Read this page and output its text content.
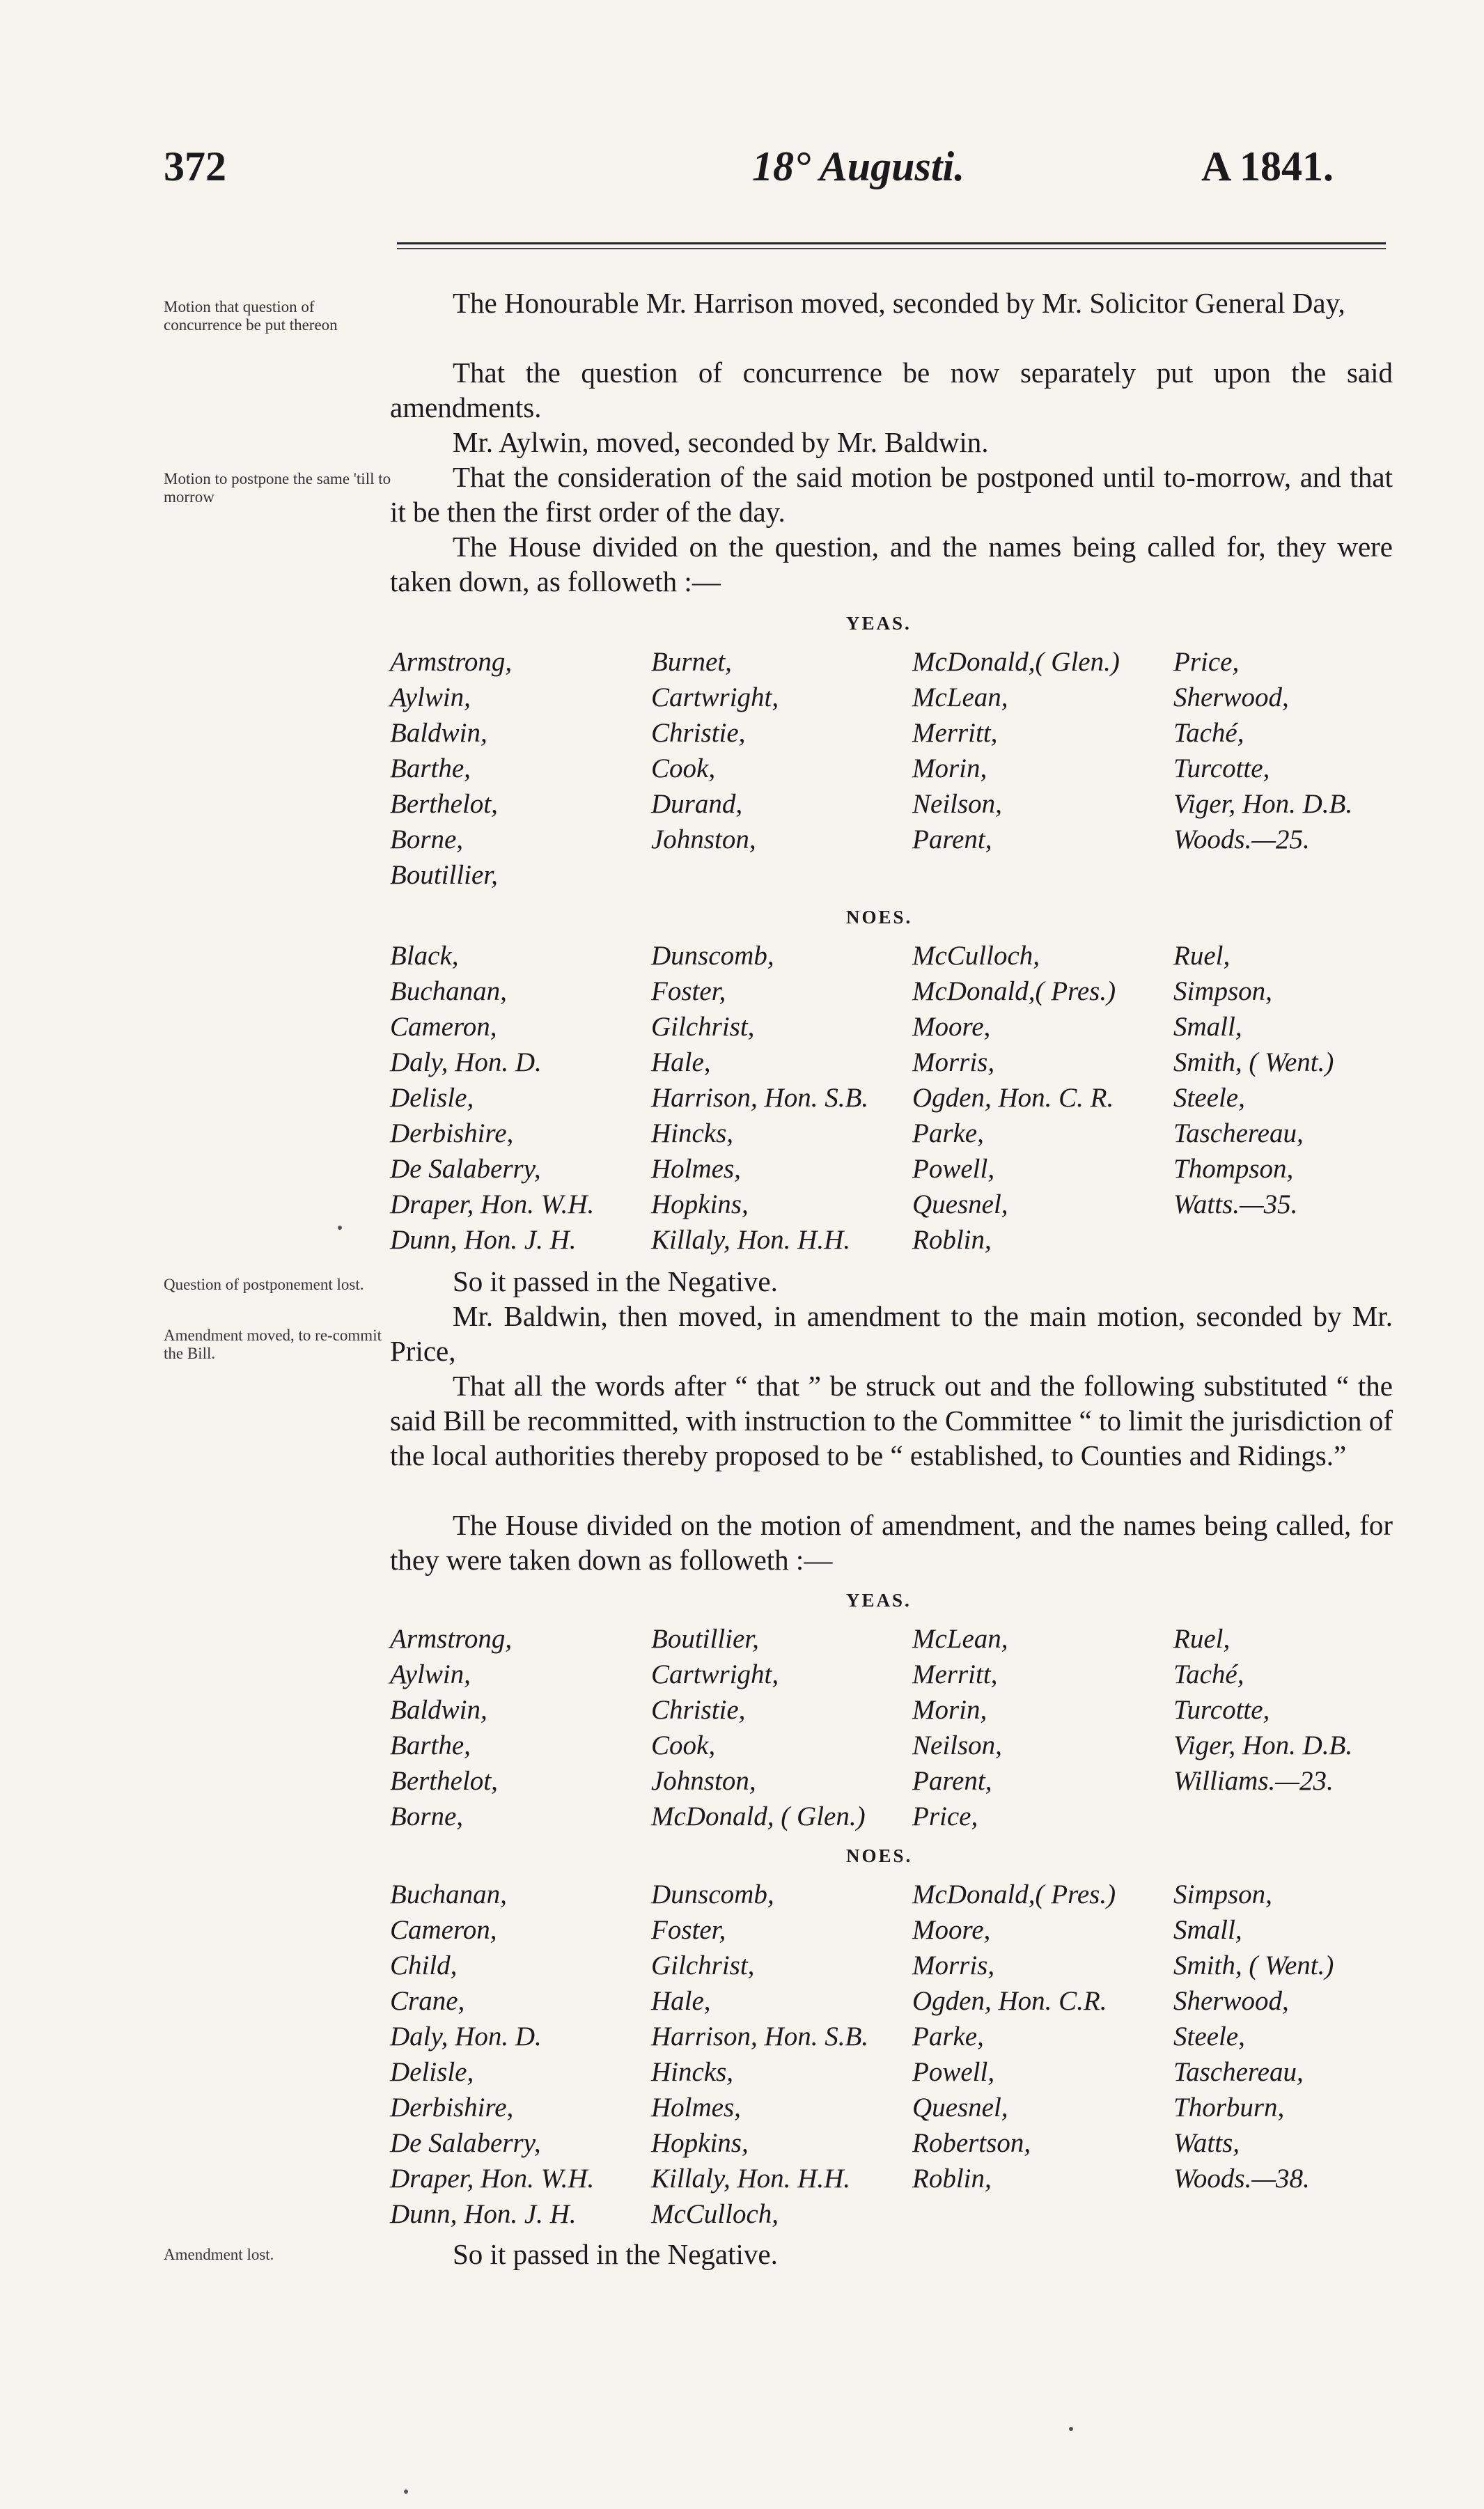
372	18° Augusti.	A 1841.
Motion that question of concurrence be put thereon
Motion to postpone the same 'till to morrow
Question of postponement lost.
Amendment moved, to re-commit the Bill.
Amendment lost.
The Honourable Mr. Harrison moved, seconded by Mr. Solicitor General Day,
That the question of concurrence be now separately put upon the said amendments.
Mr. Aylwin, moved, seconded by Mr. Baldwin.
That the consideration of the said motion be postponed until to-morrow, and that it be then the first order of the day.
The House divided on the question, and the names being called for, they were taken down, as followeth :—
YEAS.
Armstrong,
Aylwin,
Baldwin,
Barthe,
Berthelot,
Borne,
Boutillier,
Burnet,
Cartwright,
Christie,
Cook,
Durand,
Johnston,
McDonald,( Glen.)
McLean,
Merritt,
Morin,
Neilson,
Parent,
Price,
Sherwood,
Taché,
Turcotte,
Viger, Hon. D.B.
Woods.—25.
NOES.
Black,
Buchanan,
Cameron,
Daly, Hon. D.
Delisle,
Derbishire,
De Salaberry,
Draper, Hon. W.H.
Dunn, Hon. J. H.
Dunscomb,
Foster,
Gilchrist,
Hale,
Harrison, Hon. S.B.
Hincks,
Holmes,
Hopkins,
Killaly, Hon. H.H.
McCulloch,
McDonald,( Pres.)
Moore,
Morris,
Ogden, Hon. C. R.
Parke,
Powell,
Quesnel,
Roblin,
Ruel,
Simpson,
Small,
Smith, ( Went.)
Steele,
Taschereau,
Thompson,
Watts.—35.
So it passed in the Negative.
Mr. Baldwin, then moved, in amendment to the main motion, seconded by Mr. Price,
That all the words after “ that ” be struck out and the following substituted “ the said Bill be recommitted, with instruction to the Committee “ to limit the jurisdiction of the local authorities thereby proposed to be “ established, to Counties and Ridings.”
The House divided on the motion of amendment, and the names being called, for they were taken down as followeth :—
YEAS.
Armstrong,
Aylwin,
Baldwin,
Barthe,
Berthelot,
Borne,
Boutillier,
Cartwright,
Christie,
Cook,
Johnston,
McDonald, ( Glen.)
McLean,
Merritt,
Morin,
Neilson,
Parent,
Price,
Ruel,
Taché,
Turcotte,
Viger, Hon. D.B.
Williams.—23.
NOES.
Buchanan,
Cameron,
Child,
Crane,
Daly, Hon. D.
Delisle,
Derbishire,
De Salaberry,
Draper, Hon. W.H.
Dunn, Hon. J. H.
Dunscomb,
Foster,
Gilchrist,
Hale,
Harrison, Hon. S.B.
Hincks,
Holmes,
Hopkins,
Killaly, Hon. H.H.
McCulloch,
McDonald,( Pres.)
Moore,
Morris,
Ogden, Hon. C.R.
Parke,
Powell,
Quesnel,
Robertson,
Roblin,
Simpson,
Small,
Smith, ( Went.)
Sherwood,
Steele,
Taschereau,
Thorburn,
Watts,
Woods.—38.
So it passed in the Negative.
